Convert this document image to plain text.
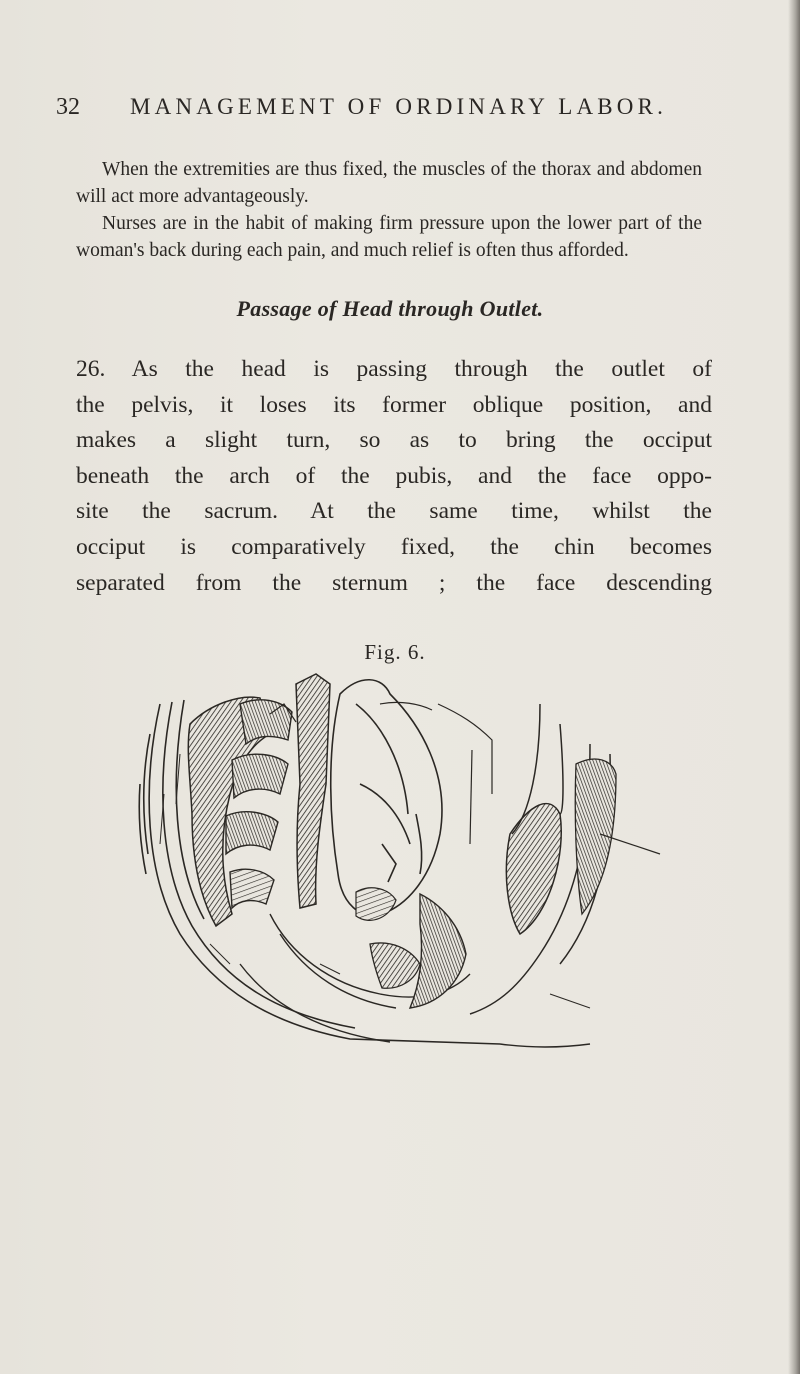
32 MANAGEMENT OF ORDINARY LABOR.
When the extremities are thus fixed, the muscles of the thorax and abdomen will act more advantageously.
Nurses are in the habit of making firm pressure upon the lower part of the woman's back during each pain, and much relief is often thus afforded.
Passage of Head through Outlet.
26. As the head is passing through the outlet of
the pelvis, it loses its former oblique position, and
makes a slight turn, so as to bring the occiput
beneath the arch of the pubis, and the face oppo-
site the sacrum. At the same time, whilst the
occiput is comparatively fixed, the chin becomes
separated from the sternum ; the face descending
Fig. 6.
